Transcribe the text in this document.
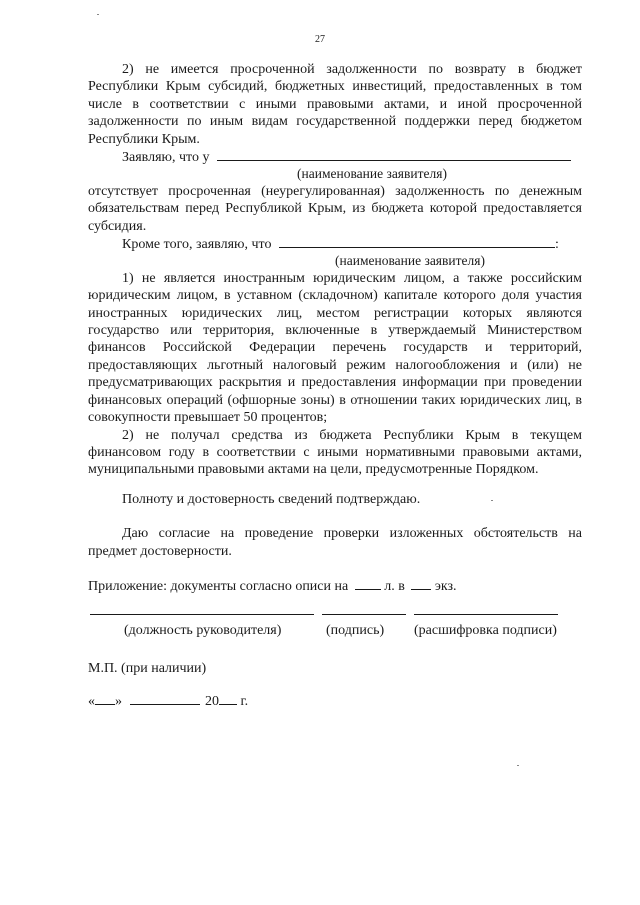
27

2) не имеется просроченной задолженности по возврату в бюджет Республики Крым субсидий, бюджетных инвестиций, предоставленных в том числе в соответствии с иными правовыми актами, и иной просроченной задолженности по иным видам государственной поддержки перед бюджетом Республики Крым.

Заявляю, что у
(наименование заявителя)

отсутствует просроченная (неурегулированная) задолженность по денежным обязательствам перед Республикой Крым, из бюджета которой предоставляется субсидия.

Кроме того, заявляю, что	:
(наименование заявителя)

1) не является иностранным юридическим лицом, а также российским юридическим лицом, в уставном (складочном) капитале которого доля участия иностранных юридических лиц, местом регистрации которых являются государство или территория, включенные в утверждаемый Министерством финансов Российской Федерации перечень государств и территорий, предоставляющих льготный налоговый режим налогообложения и (или) не предусматривающих раскрытия и предоставления информации при проведении финансовых операций (офшорные зоны) в отношении таких юридических лиц, в совокупности превышает 50 процентов;

2) не получал средства из бюджета Республики Крым в текущем финансовом году в соответствии с иными нормативными правовыми актами, муниципальными правовыми актами на цели, предусмотренные Порядком.

Полноту и достоверность сведений подтверждаю.

Даю согласие на проведение проверки изложенных обстоятельств на предмет достоверности.

Приложение: документы согласно описи на	л. в экз.
(должность руководителя)	(подпись) (расшифровка подписи)
М.П. (при наличии)
« »	20 г.
